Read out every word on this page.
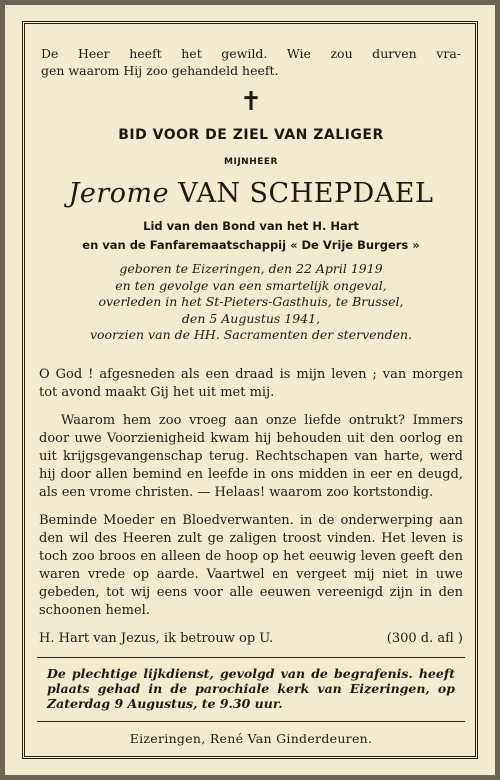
De Heer heeft het gewild. Wie zou durven vra-
gen waarom Hij zoo gehandeld heeft.
✝
BID VOOR DE ZIEL VAN ZALIGER
MIJNHEER
Jerome VAN SCHEPDAEL
Lid van den Bond van het H. Hart
en van de Fanfaremaatschappij « De Vrije Burgers »
geboren te Eizeringen, den 22 April 1919
en ten gevolge van een smartelijk ongeval,
overleden in het St-Pieters-Gasthuis, te Brussel,
den 5 Augustus 1941,
voorzien van de HH. Sacramenten der stervenden.

O God ! afgesneden als een draad is mijn leven ; van morgen tot avond maakt Gij het uit met mij.

Waarom hem zoo vroeg aan onze liefde ontrukt? Immers door uwe Voorzienigheid kwam hij behouden uit den oorlog en uit krijgsgevangenschap terug. Rechtschapen van harte, werd hij door allen bemind en leefde in ons midden in eer en deugd, als een vrome christen. — Helaas! waarom zoo kortstondig.

Beminde Moeder en Bloedverwanten. in de onderwerping aan den wil des Heeren zult ge zaligen troost vinden. Het leven is toch zoo broos en alleen de hoop op het eeuwig leven geeft den waren vrede op aarde. Vaartwel en vergeet mij niet in uwe gebeden, tot wij eens voor alle eeuwen vereenigd zijn in den schoonen hemel.

H. Hart van Jezus, ik betrouw op U.	(300 d. afl )
De plechtige lijkdienst, gevolgd van de begrafenis. heeft plaats gehad in de parochiale kerk van Eizeringen, op Zaterdag 9 Augustus, te 9.30 uur.
Eizeringen, René Van Ginderdeuren.
